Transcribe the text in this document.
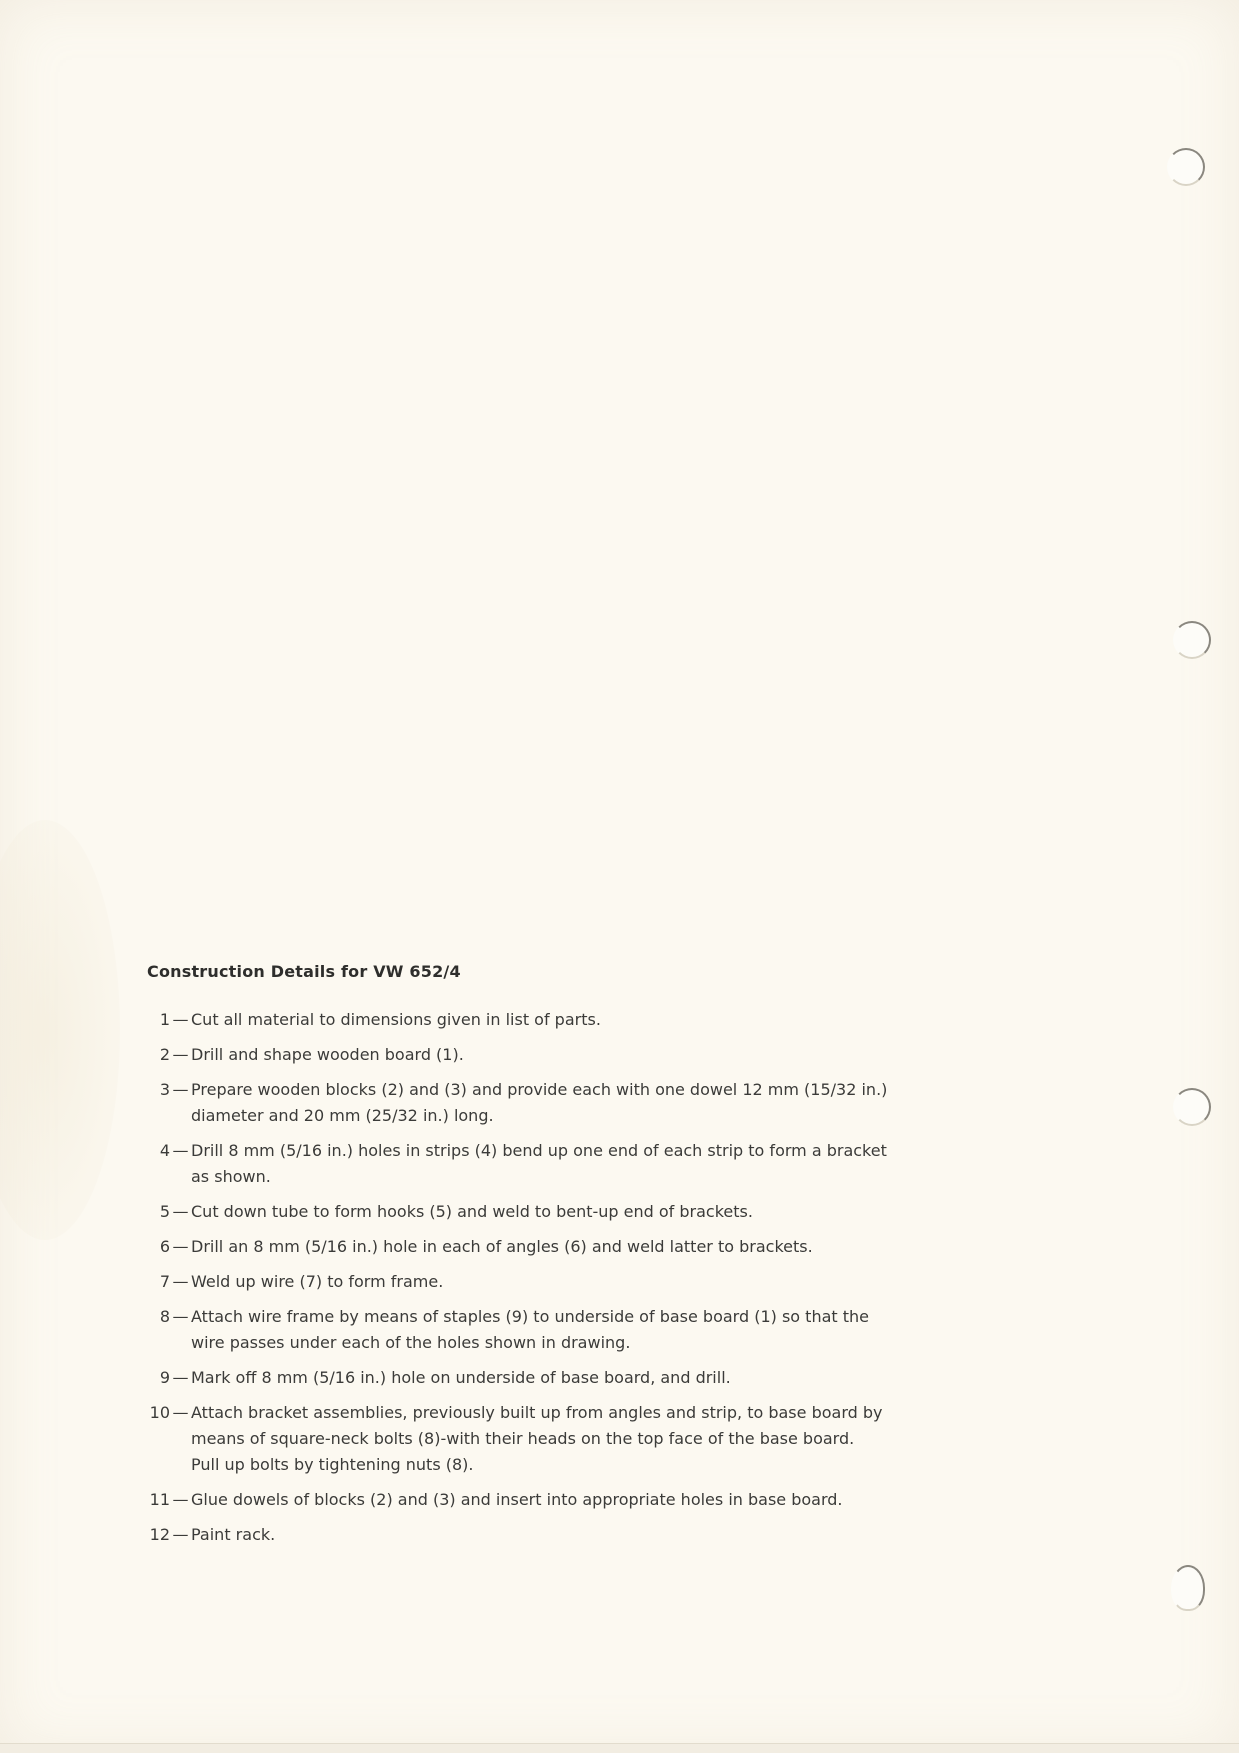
Construction Details for VW 652/4
1 — Cut all material to dimensions given in list of parts.
2 — Drill and shape wooden board (1).
3 — Prepare wooden blocks (2) and (3) and provide each with one dowel 12 mm (15/32 in.)
diameter and 20 mm (25/32 in.) long.
4 — Drill 8 mm (5/16 in.) holes in strips (4) bend up one end of each strip to form a bracket
as shown.
5 — Cut down tube to form hooks (5) and weld to bent-up end of brackets.
6 — Drill an 8 mm (5/16 in.) hole in each of angles (6) and weld latter to brackets.
7 — Weld up wire (7) to form frame.
8 — Attach wire frame by means of staples (9) to underside of base board (1) so that the
wire passes under each of the holes shown in drawing.
9 — Mark off 8 mm (5/16 in.) hole on underside of base board, and drill.
10 — Attach bracket assemblies, previously built up from angles and strip, to base board by
means of square-neck bolts (8)-with their heads on the top face of the base board.
Pull up bolts by tightening nuts (8).
11 — Glue dowels of blocks (2) and (3) and insert into appropriate holes in base board.
12 — Paint rack.
